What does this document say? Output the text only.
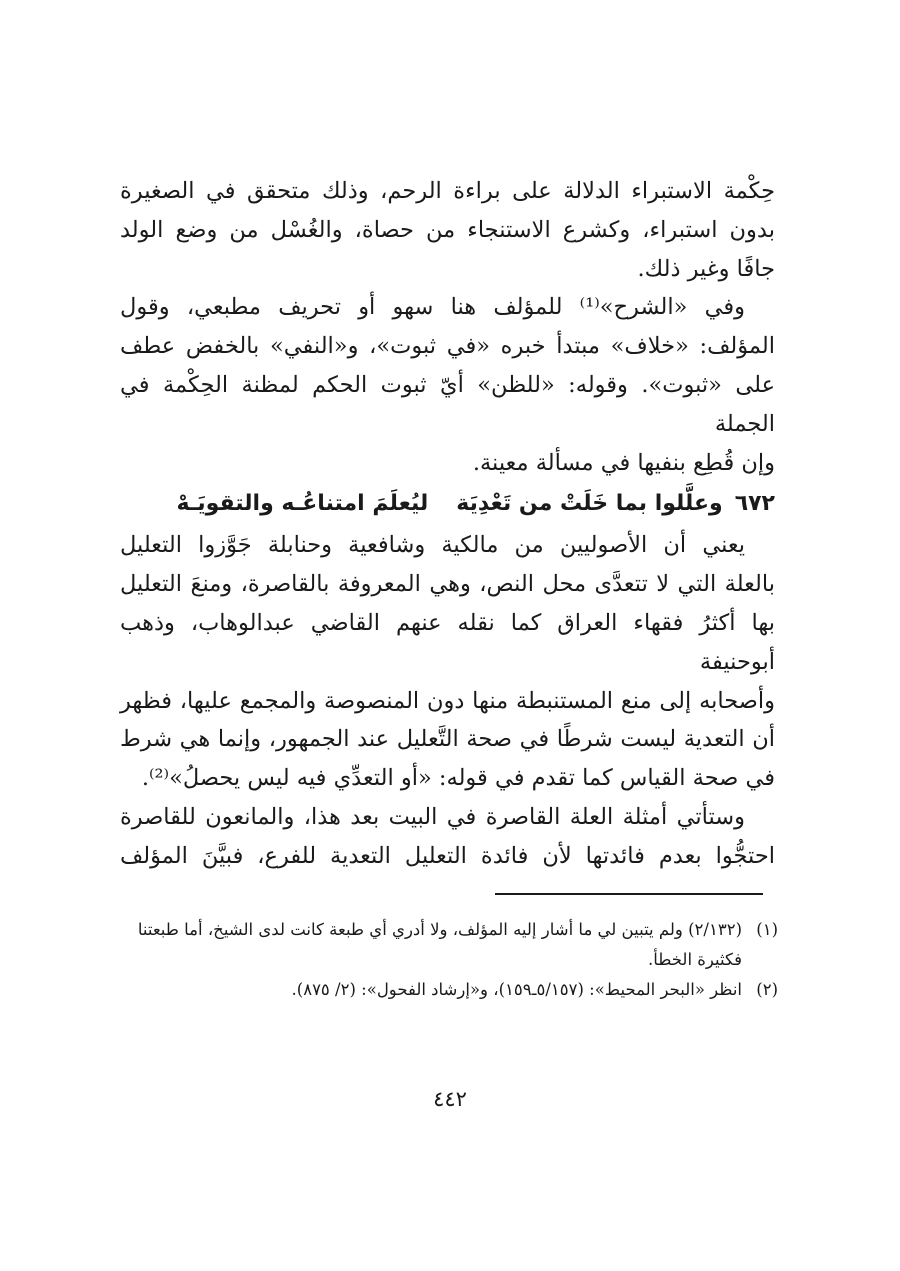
حِكْمة الاستبراء الدلالة على براءة الرحم، وذلك متحقق في الصغيرة
بدون استبراء، وكشرع الاستنجاء من حصاة، والغُسْل من وضع الولد
جافًا وغير ذلك.

وفي «الشرح»⁽¹⁾ للمؤلف هنا سهو أو تحريف مطبعي، وقول
المؤلف: «خلاف» مبتدأ خبره «في ثبوت»، و«النفي» بالخفض عطف
على «ثبوت». وقوله: «للظن» أيّ ثبوت الحكم لمظنة الحِكْمة في الجملة
وإن قُطِع بنفيها في مسألة معينة.

٦٧٢
وعلَّلوا بما خَلَتْ من تَعْدِيَة
ليُعلَمَ امتناعُـه والتقويَـهْ

يعني أن الأصوليين من مالكية وشافعية وحنابلة جَوَّزوا التعليل
بالعلة التي لا تتعدَّى محل النص، وهي المعروفة بالقاصرة، ومنعَ التعليل
بها أكثرُ فقهاء العراق كما نقله عنهم القاضي عبدالوهاب، وذهب أبوحنيفة
وأصحابه إلى منع المستنبطة منها دون المنصوصة والمجمع عليها، فظهر
أن التعدية ليست شرطًا في صحة التَّعليل عند الجمهور، وإنما هي شرط
في صحة القياس كما تقدم في قوله: «أو التعدِّي فيه ليس يحصلُ»⁽²⁾.

وستأتي أمثلة العلة القاصرة في البيت بعد هذا، والمانعون للقاصرة
احتجُّوا بعدم فائدتها لأن فائدة التعليل التعدية للفرع، فبيَّنَ المؤلف

(١)
(٢/١٣٢) ولم يتبين لي ما أشار إليه المؤلف، ولا أدري أي طبعة كانت لدى الشيخ، أما طبعتنا فكثيرة الخطأ.

(٢)
انظر «البحر المحيط»: (٥/١٥٧ـ١٥٩)، و«إرشاد الفحول»: (٢/ ٨٧٥).

٤٤٢
